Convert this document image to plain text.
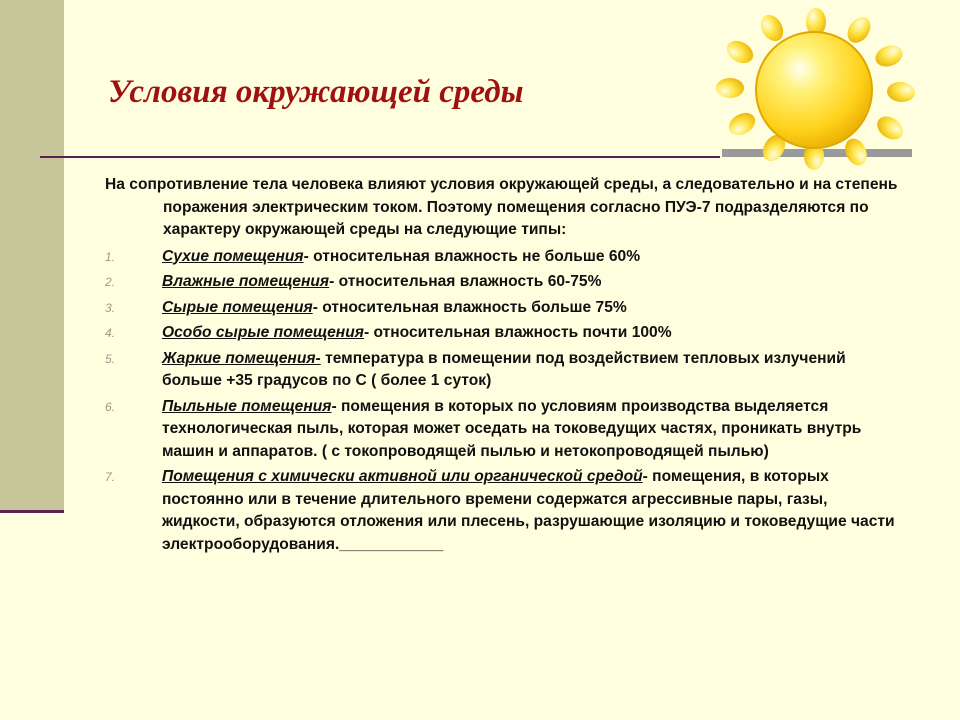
Условия окружающей среды

На сопротивление тела человека влияют условия окружающей среды, а следовательно и на степень поражения электрическим током. Поэтому помещения согласно ПУЭ-7 подразделяются по характеру окружающей среды на следующие типы:

1.	Сухие помещения- относительная влажность не больше 60%
2.	Влажные помещения- относительная влажность 60-75%
3.	Сырые помещения- относительная влажность больше 75%
4.	Особо сырые помещения- относительная влажность почти 100%
5.	Жаркие помещения- температура в помещении под воздействием тепловых излучений больше +35 градусов по С ( более 1 суток)
6.	Пыльные помещения- помещения в которых по условиям производства выделяется технологическая пыль, которая может оседать на токоведущих частях, проникать внутрь машин и аппаратов. ( с токопроводящей пылью и нетокопроводящей пылью)
7.	Помещения с химически активной или органической средой- помещения, в которых постоянно или в течение длительного времени содержатся агрессивные пары, газы, жидкости, образуются отложения или плесень, разрушающие изоляцию и токоведущие части электрооборудования.____________
